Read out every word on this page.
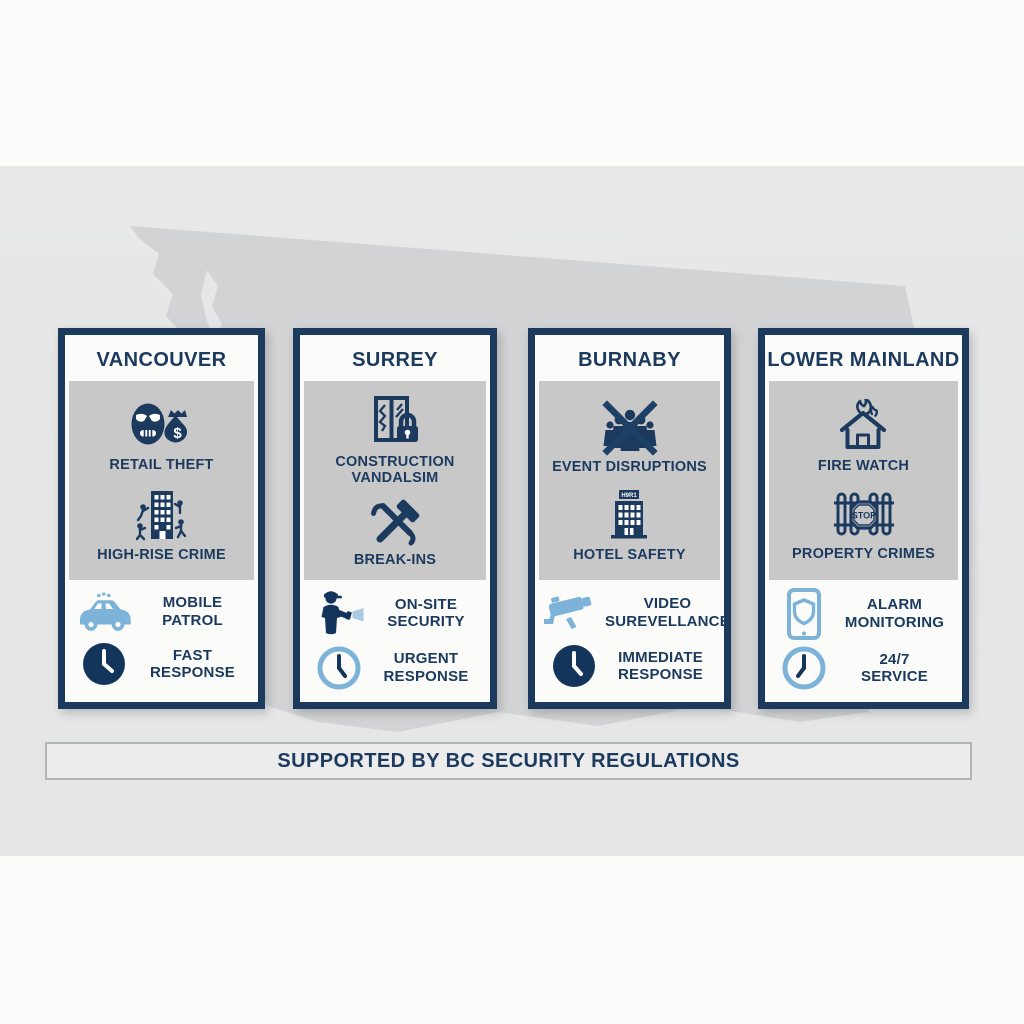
VANCOUVER
$
RETAIL THEFT
HIGH-RISE CRIME
MOBILE PATROL
FAST
RESPONSE
SURREY
CONSTRUCTION
VANDALSIM
BREAK-INS
ON-SITE
SECURITY
URGENT
RESPONSE
BURNABY
EVENT DISRUPTIONS
H9R1
HOTEL SAFETY
VIDEO
SUREVELLANCE
IMMEDIATE
RESPONSE
LOWER MAINLAND
FIRE WATCH
STOP
PROPERTY CRIMES
ALARM
MONITORING
24/7
SERVICE
SUPPORTED BY BC SECURITY REGULATIONS
